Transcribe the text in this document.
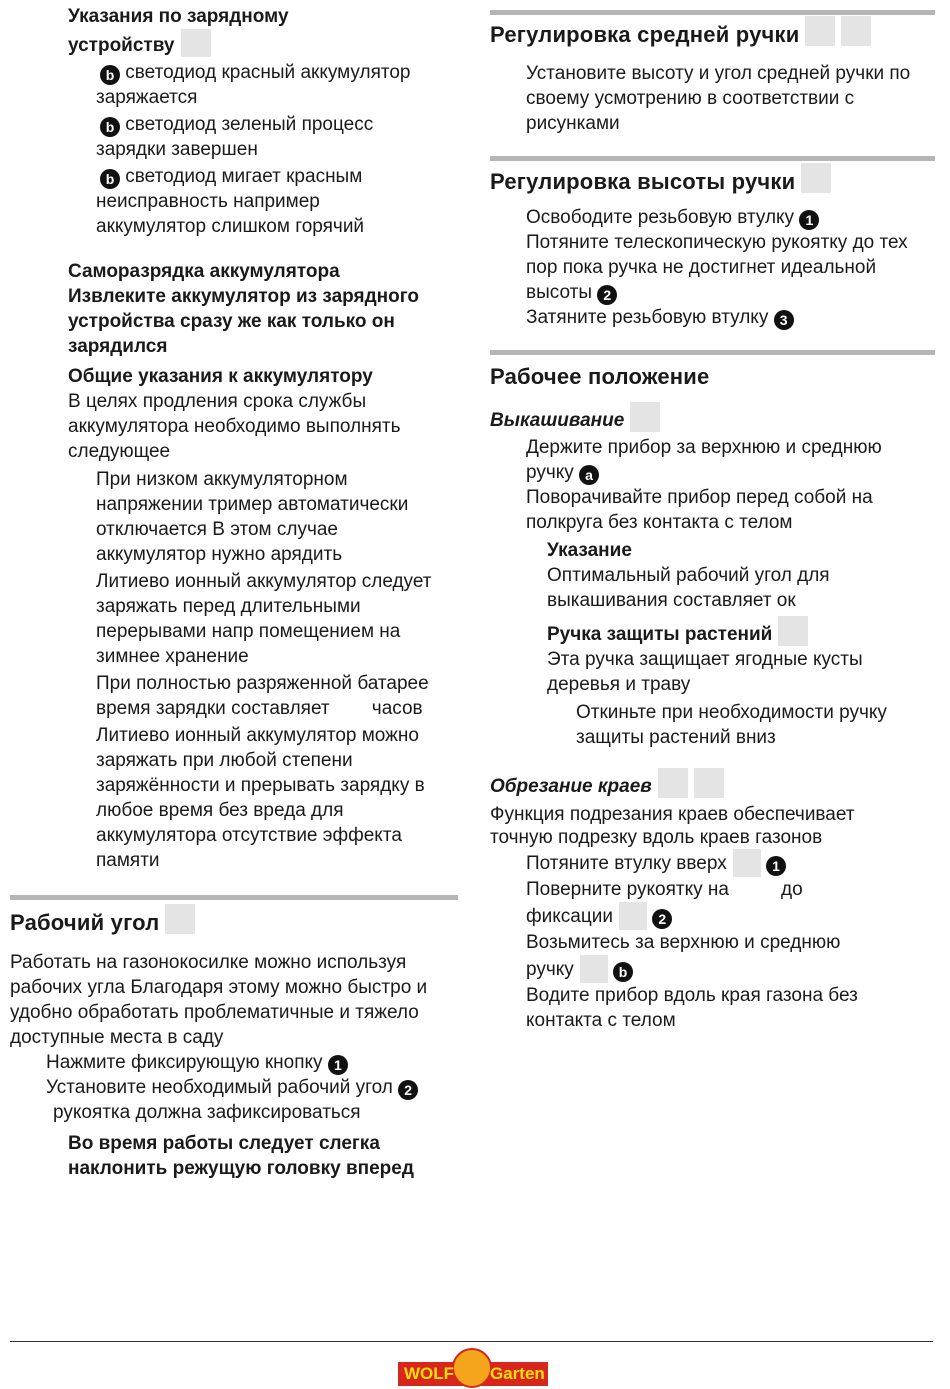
Указания по зарядному
устройству
b светодиод красный аккумулятор
заряжается
b светодиод зеленый процесс
зарядки завершен
b светодиод мигает красным
неисправность например
аккумулятор слишком горячий
Саморазрядка аккумулятора
Извлеките аккумулятор из зарядного
устройства сразу же как только он
зарядился
Общие указания к аккумулятору
В целях продления срока службы
аккумулятора необходимо выполнять
следующее
При низком аккумуляторном
напряжении тример автоматически
отключается В этом случае
аккумулятор нужно арядить
Литиево ионный аккумулятор следует
заряжать перед длительными
перерывами напр помещением на
зимнее хранение
При полностью разряженной батарее
время зарядки составляет        часов
Литиево ионный аккумулятор можно
заряжать при любой степени
заряжённости и прерывать зарядку в
любое время без вреда для
аккумулятора отсутствие эффекта
памяти
Рабочий угол
Работать на газонокосилке можно используя
рабочих угла Благодаря этому можно быстро и
удобно обработать проблематичные и тяжело
доступные места в саду
Нажмите фиксирующую кнопку 1
Установите необходимый рабочий угол 2
рукоятка должна зафиксироваться
Во время работы следует слегка
наклонить режущую головку вперед
Регулировка средней ручки
Установите высоту и угол средней ручки по
своему усмотрению в соответствии с
рисунками
Регулировка высоты ручки
Освободите резьбовую втулку 1
Потяните телескопическую рукоятку до тех
пор пока ручка не достигнет идеальной
высоты 2
Затяните резьбовую втулку 3
Рабочее положение
Выкашивание
Держите прибор за верхнюю и среднюю
ручку a
Поворачивайте прибор перед собой на
полкруга без контакта с телом
Указание
Оптимальный рабочий угол для
выкашивания составляет ок
Ручка защиты растений
Эта ручка защищает ягодные кусты
деревья и траву
Откиньте при необходимости ручку
защиты растений вниз
Обрезание краев
Функция подрезания краев обеспечивает
точную подрезку вдоль краев газонов
Потяните втулку вверх	1
Поверните рукоятку на	до
фиксации	2
Возьмитесь за верхнюю и среднюю
ручку	b
Водите прибор вдоль края газона без
контакта с телом
WOLF Garten
